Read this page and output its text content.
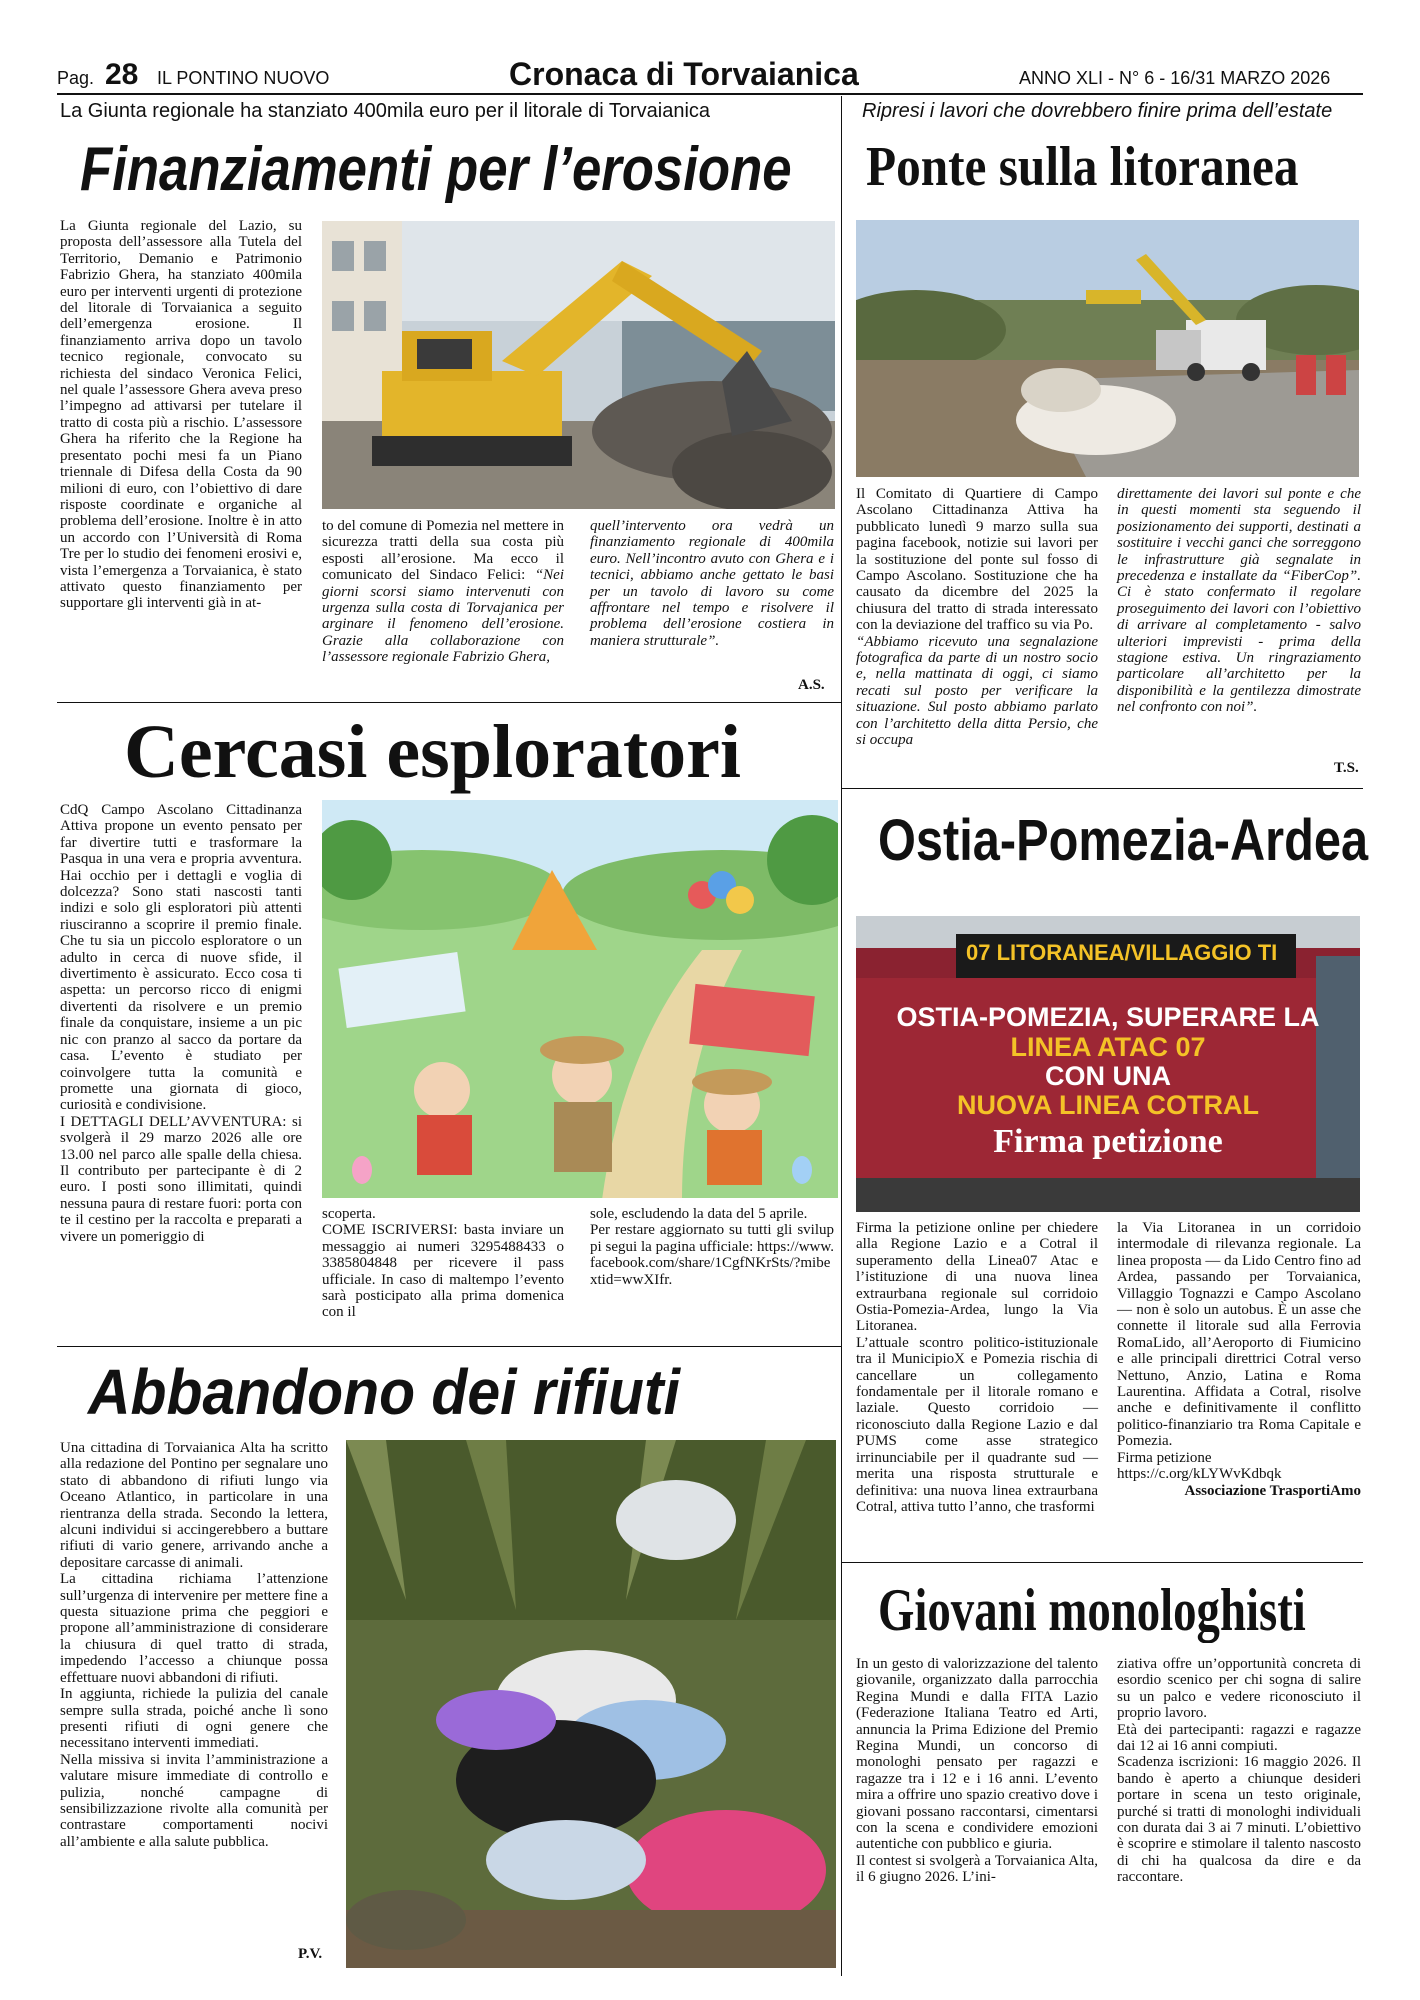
Pag. 28 IL PONTINO NUOVO	Cronaca di Torvaianica	ANNO XLI - N° 6 - 16/31 MARZO 2026
La Giunta regionale ha stanziato 400mila euro per il litorale di Torvaianica
Finanziamenti per l’erosione

La Giunta regionale del Lazio, su proposta dell’assessore alla Tutela del Territorio, Demanio e Patrimonio Fabrizio Ghera, ha stanziato 400mila euro per interventi urgenti di protezione del litorale di Torvaianica a seguito dell’emergenza erosione. Il finanziamento arriva dopo un tavolo tecnico regionale, convocato su richiesta del sindaco Veronica Felici, nel quale l’assessore Ghera aveva preso l’impegno ad attivarsi per tutelare il tratto di costa più a rischio. L’assessore Ghera ha riferito che la Regione ha presentato pochi mesi fa un Piano triennale di Difesa della Costa da 90 milioni di euro, con l’obiettivo di dare risposte coordinate e organiche al problema dell’erosione. Inoltre è in atto un accordo con l’Università di Roma Tre per lo studio dei fenomeni erosivi e, vista l’emergenza a Torvaianica, è stato attivato questo finanziamento per supportare gli interventi già in at-

to del comune di Pomezia nel mettere in sicurezza tratti della sua costa più esposti all’erosione. Ma ecco il comunicato del Sindaco Felici: “Nei giorni scorsi siamo intervenuti con urgenza sulla costa di Torvajanica per arginare il fenomeno dell’erosione. Grazie alla collaborazione con l’assessore regionale Fabrizio Ghera,

quell’intervento ora vedrà un finanziamento regionale di 400mila euro. Nell’incontro avuto con Ghera e i tecnici, abbiamo anche gettato le basi per un tavolo di lavoro su come affrontare nel tempo e risolvere il problema dell’erosione costiera in maniera strutturale”.

A.S.
Ripresi i lavori che dovrebbero finire prima dell’estate
Ponte sulla litoranea

Il Comitato di Quartiere di Campo Ascolano Cittadinanza Attiva ha pubblicato lunedì 9 marzo sulla sua pagina facebook, notizie sui lavori per la sostituzione del ponte sul fosso di Campo Ascolano. Sostituzione che ha causato da dicembre del 2025 la chiusura del tratto di strada interessato con la deviazione del traffico su via Po.
“Abbiamo ricevuto una segnalazione fotografica da parte di un nostro socio e, nella mattinata di oggi, ci siamo recati sul posto per verificare la situazione. Sul posto abbiamo parlato con l’architetto della ditta Persio, che si occupa

direttamente dei lavori sul ponte e che in questi momenti sta seguendo il posizionamento dei supporti, destinati a sostituire i vecchi ganci che sorreggono le infrastrutture già segnalate in precedenza e installate da “FiberCop”. Ci è stato confermato il regolare proseguimento dei lavori con l’obiettivo di arrivare al completamento - salvo ulteriori imprevisti - prima della stagione estiva. Un ringraziamento particolare all’architetto per la disponibilità e la gentilezza dimostrate nel confronto con noi”.

T.S.
Cercasi esploratori

CdQ Campo Ascolano Cittadinanza Attiva propone un evento pensato per far divertire tutti e trasformare la Pasqua in una vera e propria avventura. Hai occhio per i dettagli e voglia di dolcezza? Sono stati nascosti tanti indizi e solo gli esploratori più attenti riusciranno a scoprire il premio finale. Che tu sia un piccolo esploratore o un adulto in cerca di nuove sfide, il divertimento è assicurato. Ecco cosa ti aspetta: un percorso ricco di enigmi divertenti da risolvere e un premio finale da conquistare, insieme a un pic nic con pranzo al sacco da portare da casa. L’evento è studiato per coinvolgere tutta la comunità e promette una giornata di gioco, curiosità e condivisione.

I DETTAGLI DELL’AVVENTURA: si svolgerà il 29 marzo 2026 alle ore 13.00 nel parco alle spalle della chiesa. Il contributo per partecipante è di 2 euro. I posti sono illimitati, quindi nessuna paura di restare fuori: porta con te il cestino per la raccolta e preparati a vivere un pomeriggio di

scoperta.

COME ISCRIVERSI: basta inviare un messaggio ai numeri 3295488433 o 3385804848 per ricevere il pass ufficiale. In caso di maltempo l’evento sarà posticipato alla prima domenica con il

sole, escludendo la data del 5 aprile.

Per restare aggiornato su tutti gli sviluppi segui la pagina ufficiale: https://www.facebook.com/share/1CgfNKrSts/?mibextid=wwXIfr.

Ostia-Pomezia-Ardea
07 LITORANEA/VILLAGGIO TI
OSTIA-POMEZIA, SUPERARE LA
LINEA ATAC 07
CON UNA
NUOVA LINEA COTRAL
Firma petizione

Firma la petizione online per chiedere alla Regione Lazio e a Cotral il superamento della Linea07 Atac e l’istituzione di una nuova linea extraurbana regionale sul corridoio Ostia-Pomezia-Ardea, lungo la Via Litoranea.

L’attuale scontro politico-istituzionale tra il MunicipioX e Pomezia rischia di cancellare un collegamento fondamentale per il litorale romano e laziale. Questo corridoio — riconosciuto dalla Regione Lazio e dal PUMS come asse strategico irrinunciabile per il quadrante sud — merita una risposta strutturale e definitiva: una nuova linea extraurbana Cotral, attiva tutto l’anno, che trasformi

la Via Litoranea in un corridoio intermodale di rilevanza regionale. La linea proposta — da Lido Centro fino ad Ardea, passando per Torvaianica, Villaggio Tognazzi e Campo Ascolano — non è solo un autobus. È un asse che connette il litorale sud alla Ferrovia RomaLido, all’Aeroporto di Fiumicino e alle principali direttrici Cotral verso Nettuno, Anzio, Latina e Roma Laurentina. Affidata a Cotral, risolve anche e definitivamente il conflitto politico-finanziario tra Roma Capitale e Pomezia.

Firma petizione

https://c.org/kLYWvKdbqk

Associazione TrasportiAmo

Abbandono dei rifiuti

Una cittadina di Torvaianica Alta ha scritto alla redazione del Pontino per segnalare uno stato di abbandono di rifiuti lungo via Oceano Atlantico, in particolare in una rientranza della strada. Secondo la lettera, alcuni individui si accingerebbero a buttare rifiuti di vario genere, arrivando anche a depositare carcasse di animali.

La cittadina richiama l’attenzione sull’urgenza di intervenire per mettere fine a questa situazione prima che peggiori e propone all’amministrazione di considerare la chiusura di quel tratto di strada, impedendo l’accesso a chiunque possa effettuare nuovi abbandoni di rifiuti.

In aggiunta, richiede la pulizia del canale sempre sulla strada, poiché anche lì sono presenti rifiuti di ogni genere che necessitano interventi immediati.

Nella missiva si invita l’amministrazione a valutare misure immediate di controllo e pulizia, nonché campagne di sensibilizzazione rivolte alla comunità per contrastare comportamenti nocivi all’ambiente e alla salute pubblica.

P.V.
Giovani monologhisti

In un gesto di valorizzazione del talento giovanile, organizzato dalla parrocchia Regina Mundi e dalla FITA Lazio (Federazione Italiana Teatro ed Arti, annuncia la Prima Edizione del Premio Regina Mundi, un concorso di monologhi pensato per ragazzi e ragazze tra i 12 e i 16 anni. L’evento mira a offrire uno spazio creativo dove i giovani possano raccontarsi, cimentarsi con la scena e condividere emozioni autentiche con pubblico e giuria.

Il contest si svolgerà a Torvaianica Alta, il 6 giugno 2026. L’ini-

ziativa offre un’opportunità concreta di esordio scenico per chi sogna di salire su un palco e vedere riconosciuto il proprio lavoro.

Età dei partecipanti: ragazzi e ragazze dai 12 ai 16 anni compiuti.

Scadenza iscrizioni: 16 maggio 2026. Il bando è aperto a chiunque desideri portare in scena un testo originale, purché si tratti di monologhi individuali con durata dai 3 ai 7 minuti. L’obiettivo è scoprire e stimolare il talento nascosto di chi ha qualcosa da dire e da raccontare.
